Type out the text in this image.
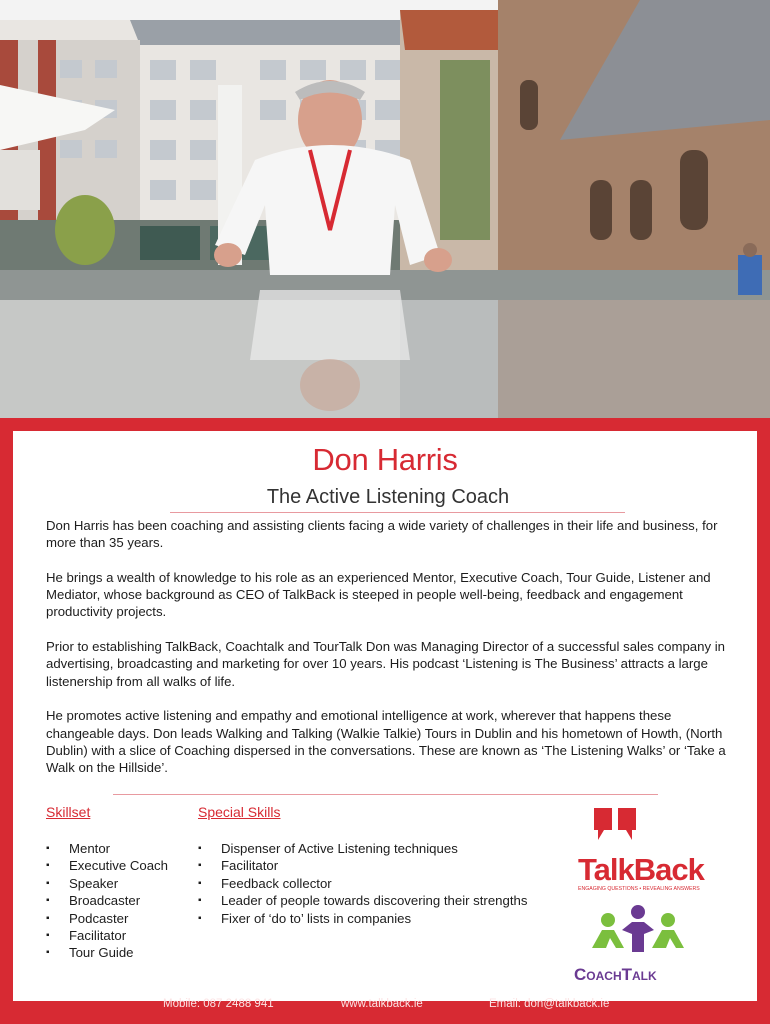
Don Harris
The Active Listening Coach

Don Harris has been coaching and assisting clients facing a wide variety of challenges in their life and business, for more than 35 years.

He brings a wealth of knowledge to his role as an experienced Mentor, Executive Coach, Tour Guide, Listener and Mediator, whose background as CEO of TalkBack is steeped in people well-being, feedback and engagement productivity projects.

Prior to establishing TalkBack, Coachtalk and TourTalk Don was Managing Director of a successful sales company in advertising, broadcasting and marketing for over 10 years. His podcast ‘Listening is The Business’ attracts a large listenership from all walks of life.

He promotes active listening and empathy and emotional intelligence at work, wherever that happens these changeable days. Don leads Walking and Talking (Walkie Talkie) Tours in Dublin and his hometown of Howth, (North Dublin) with a slice of Coaching dispersed in the conversations. These are known as ‘The Listening Walks’ or ‘Take a Walk on the Hillside’.

Skillset
▪ Mentor
▪ Executive Coach
▪ Speaker
▪ Broadcaster
▪ Podcaster
▪ Facilitator
▪ Tour Guide
Special Skills
▪ Dispenser of Active Listening techniques
▪ Facilitator
▪ Feedback collector
▪ Leader of people towards discovering their strengths
▪ Fixer of ‘do to’ lists in companies
TalkBack
ENGAGING QUESTIONS • REVEALING ANSWERS
COACHTALK
Mobile: 087 2488 941	www.talkback.ie	Email: don@talkback.ie
